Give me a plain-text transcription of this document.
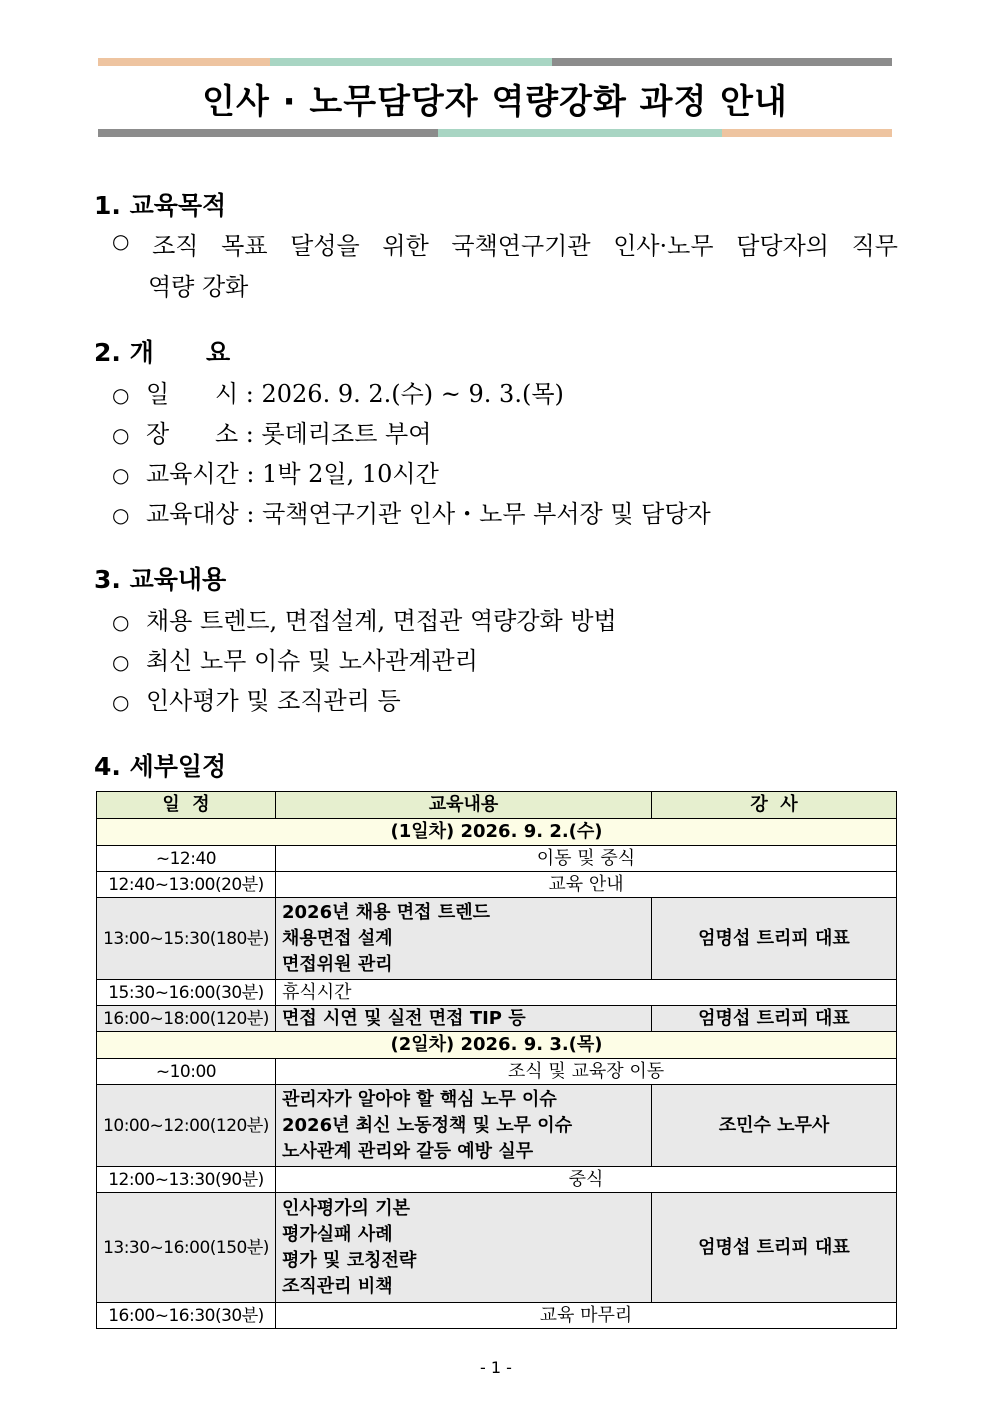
인사 · 노무담당자 역량강화 과정 안내
1. 교육목적
○ 조직 목표 달성을 위한 국책연구기관 인사·노무 담당자의 직무
역량 강화
2. 개      요
○ 일      시 : 2026. 9. 2.(수) ~ 9. 3.(목)
○ 장      소 : 롯데리조트 부여
○ 교육시간 : 1박 2일, 10시간
○ 교육대상 : 국책연구기관 인사・노무 부서장 및 담당자
3. 교육내용
○ 채용 트렌드, 면접설계, 면접관 역량강화 방법
○ 최신 노무 이슈 및 노사관계관리
○ 인사평가 및 조직관리 등
4. 세부일정
일  정	교육내용	강  사
(1일차) 2026. 9. 2.(수)		
~12:40	이동 및 중식	
12:40~13:00(20분)	교육 안내	
13:00~15:30(180분)	2026년 채용 면접 트렌드
채용면접 설계
면접위원 관리	엄명섭 트리피 대표
15:30~16:00(30분)	휴식시간	
16:00~18:00(120분)	면접 시연 및 실전 면접 TIP 등	엄명섭 트리피 대표
(2일차) 2026. 9. 3.(목)		
~10:00	조식 및 교육장 이동	
10:00~12:00(120분)	관리자가 알아야 할 핵심 노무 이슈
2026년 최신 노동정책 및 노무 이슈
노사관계 관리와 갈등 예방 실무	조민수 노무사
12:00~13:30(90분)	중식	
13:30~16:00(150분)	인사평가의 기본
평가실패 사례
평가 및 코칭전략
조직관리 비책	엄명섭 트리피 대표
16:00~16:30(30분)	교육 마무리	
- 1 -
